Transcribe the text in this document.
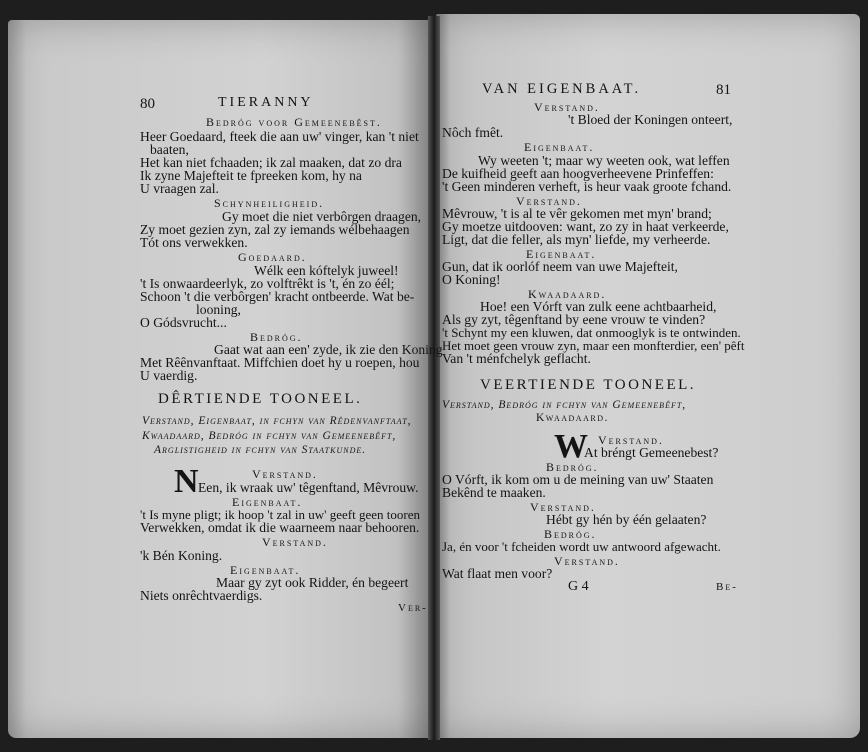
80	TIERANNY
Bedróg voor Gemeenebêst.
Heer Goedaard, fteek die aan uw' vinger, kan 't niet
baaten,
Het kan niet fchaaden; ik zal maaken, dat zo dra
Ik zyne Majefteit te fpreeken kom, hy na
U vraagen zal.
Schynheiligheid.
Gy moet die niet verbôrgen draagen,
Zy moet gezien zyn, zal zy iemands wélbehaagen
Tót ons verwekken.
Goedaard.
Wélk een kóftelyk juweel!
't Is onwaardeerlyk, zo volftrêkt is 't, én zo éél;
Schoon 't die verbôrgen' kracht ontbeerde. Wat be-
looning,
O Gódsvrucht...
Bedróg.
Gaat wat aan een' zyde, ik zie den Koning
Met Rêênvanftaat. Miffchien doet hy u roepen, hou
U vaerdig.
DÊRTIENDE TOONEEL.
Verstand, Eigenbaat, in fchyn van Rêdenvanftaat,
Kwaadaard, Bedróg in fchyn van Gemeenebêft,
Arglistigheid in fchyn van Staatkunde.
N	Verstand.
Een, ik wraak uw' têgenftand, Mêvrouw.
Eigenbaat.
't Is myne pligt; ik hoop 't zal in uw' geeft geen tooren
Verwekken, omdat ik die waarneem naar behooren.
Verstand.
'k Bén Koning.
Eigenbaat.
Maar gy zyt ook Ridder, én begeert
Niets onrêchtvaerdigs.
Ver-
VAN EIGENBAAT.	81
Verstand.
't Bloed der Koningen onteert,
Nôch fmêt.
Eigenbaat.
Wy weeten 't; maar wy weeten ook, wat leffen
De kuifheid geeft aan hoogverheevene Prinfeffen:
't Geen minderen verheft, is heur vaak groote fchand.
Verstand.
Mêvrouw, 't is al te vêr gekomen met myn' brand;
Gy moetze uitdooven: want, zo zy in haat verkeerde,
Ligt, dat die feller, als myn' liefde, my verheerde.
Eigenbaat.
Gun, dat ik oorlóf neem van uwe Majefteit,
O Koning!
Kwaadaard.
Hoe! een Vórft van zulk eene achtbaarheid,
Als gy zyt, têgenftand by eene vrouw te vinden?
't Schynt my een kluwen, dat onmooglyk is te ontwinden.
Het moet geen vrouw zyn, maar een monfterdier, een' pêft
Van 't ménfchelyk geflacht.
VEERTIENDE TOONEEL.
Verstand, Bedróg in fchyn van Gemeenebêft,
Kwaadaard.
W Verstand.
At bréngt Gemeenebest?
Bedróg.
O Vórft, ik kom om u de meining van uw' Staaten
Bekênd te maaken.
Verstand.
Hébt gy hén by één gelaaten?
Bedróg.
Ja, én voor 't fcheiden wordt uw antwoord afgewacht.
Verstand.
Wat flaat men voor?
G 4	Be-
